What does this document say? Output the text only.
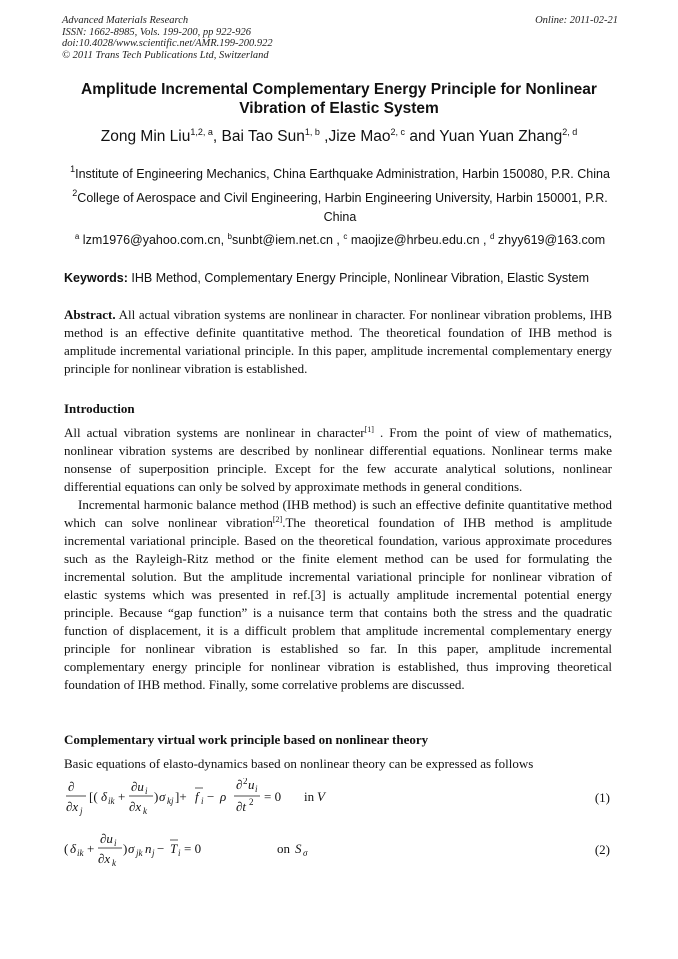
Advanced Materials Research
ISSN: 1662-8985, Vols. 199-200, pp 922-926
doi:10.4028/www.scientific.net/AMR.199-200.922
© 2011 Trans Tech Publications Ltd, Switzerland
Online: 2011-02-21
Amplitude Incremental Complementary Energy Principle for Nonlinear
Vibration of Elastic System
Zong Min Liu$^{1,2, a}$, Bai Tao Sun$^{1, b}$ ,Jize Mao$^{2, c}$ and Yuan Yuan Zhang$^{2, d}$
$^1$Institute of Engineering Mechanics, China Earthquake Administration, Harbin 150080, P.R. China
$^2$College of Aerospace and Civil Engineering, Harbin Engineering University, Harbin 150001, P.R. China
$^a$ lzm1976@yahoo.com.cn, $^b$sunbt@iem.net.cn , $^c$ maojize@hrbeu.edu.cn , $^d$ zhyy619@163.com
Keywords: IHB Method, Complementary Energy Principle, Nonlinear Vibration, Elastic System
Abstract. All actual vibration systems are nonlinear in character. For nonlinear vibration problems, IHB method is an effective definite quantitative method. The theoretical foundation of IHB method is amplitude incremental variational principle. In this paper, amplitude incremental complementary energy principle for nonlinear vibration is established.
Introduction
All actual vibration systems are nonlinear in character[1] . From the point of view of mathematics, nonlinear vibration systems are described by nonlinear differential equations. Nonlinear terms make nonsense of superposition principle. Except for the few accurate analytical solutions, nonlinear differential equations can only be solved by approximate methods in general conditions.
Incremental harmonic balance method (IHB method) is such an effective definite quantitative method which can solve nonlinear vibration[2].The theoretical foundation of IHB method is amplitude incremental variational principle. Based on the theoretical foundation, various approximate procedures such as the Rayleigh-Ritz method or the finite element method can be used for formulating the incremental solution. But the amplitude incremental variational principle for nonlinear vibration of elastic systems which was presented in ref.[3] is actually amplitude incremental potential energy principle. Because “gap function” is a nuisance term that contains both the stress and the quadratic function of displacement, it is a difficult problem that amplitude incremental complementary energy principle for nonlinear vibration is established so far. In this paper, amplitude incremental complementary energy principle for nonlinear vibration is established, thus improving theoretical foundation of IHB method. Finally, some correlative problems are discussed.
Complementary virtual work principle based on nonlinear theory
Basic equations of elasto-dynamics based on nonlinear theory can be expressed as follows
∂
∂x j
[( δ ik +
∂u i
∂x k
) σ kj ]+ f i − ρ
∂ 2 u i
∂t 2 = 0 in V	(1)
( δ ik +
∂u i
∂x k
) σ jk n j − T i = 0	on S σ	(2)
